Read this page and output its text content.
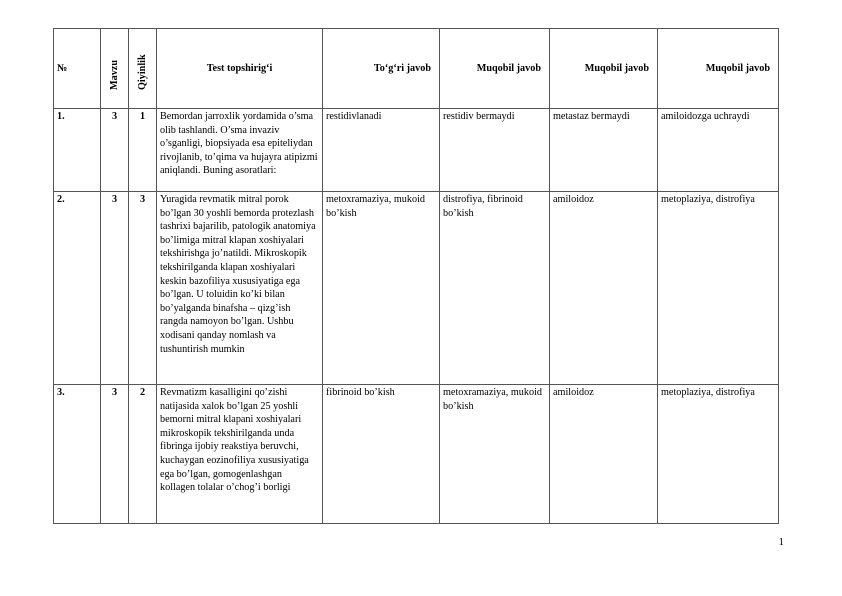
№	Mavzu	Qiyinlik	Test topshirig‘i	To‘g‘ri javob	Muqobil javob	Muqobil javob	Muqobil javob
1.	3	1	Bemordan jarroxlik yordamida o’sma olib tashlandi. O’sma invaziv o’sganligi, biopsiyada esa epiteliydan rivojlanib, to’qima va hujayra atipizmi aniqlandi. Buning asoratlari:	restidivlanadi	restidiv bermaydi	metastaz bermaydi	amiloidozga uchraydi
2.	3	3	Yuragida revmatik mitral porok bo’lgan 30 yoshli bemorda protezlash tashrixi bajarilib, patologik anatomiya bo’limiga mitral klapan xoshiyalari tekshirishga jo’natildi. Mikroskopik tekshirilganda klapan xoshiyalari keskin bazofiliya xususiyatiga ega bo’lgan. U toluidin ko’ki bilan bo’yalganda binafsha – qizg’ish rangda namoyon bo’lgan. Ushbu xodisani qanday nomlash va tushuntirish mumkin	metoxramaziya, mukoid bo’kish	distrofiya, fibrinoid bo’kish	amiloidoz	metoplaziya, distrofiya
3.	3	2	Revmatizm kasalligini qo’zishi natijasida xalok bo’lgan 25 yoshli bemorni mitral klapani xoshiyalari mikroskopik tekshirilganda unda fibringa ijobiy reakstiya beruvchi, kuchaygan eozinofiliya xususiyatiga ega bo’lgan, gomogenlashgan kollagen tolalar o’chog’i borligi	fibrinoid bo’kish	metoxramaziya, mukoid bo’kish	amiloidoz	metoplaziya, distrofiya
1
